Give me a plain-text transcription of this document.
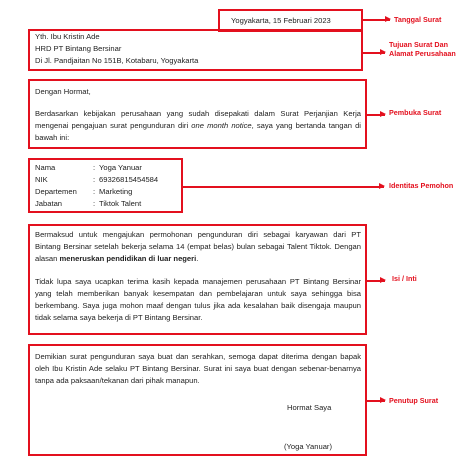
Yogyakarta, 15 Februari 2023
Yth. Ibu Kristin Ade
HRD PT Bintang Bersinar
Di Jl. Pandjaitan No 151B, Kotabaru, Yogyakarta
Dengan Hormat,
Berdasarkan kebijakan perusahaan yang sudah disepakati dalam Surat Perjanjian Kerja
mengenai pengajuan surat pengunduran diri one month notice, saya yang bertanda tangan di
bawah ini:
Nama	: Yoga Yanuar
NIK	: 69326815454584
Departemen : Marketing
Jabatan	: Tiktok Talent
Bermaksud untuk mengajukan permohonan pengunduran diri sebagai karyawan dari PT
Bintang Bersinar setelah bekerja selama 14 (empat belas) bulan sebagai Talent Tiktok. Dengan
alasan meneruskan pendidikan di luar negeri.
Tidak lupa saya ucapkan terima kasih kepada manajemen perusahaan PT Bintang Bersinar
yang telah memberikan banyak kesempatan dan pembelajaran untuk saya sehingga bisa
berkembang. Saya juga mohon maaf dengan tulus jika ada kesalahan baik disengaja maupun
tidak selama saya bekerja di PT Bintang Bersinar.
Demikian surat pengunduran saya buat dan serahkan, semoga dapat diterima dengan bapak
oleh Ibu Kristin Ade selaku PT Bintang Bersinar. Surat ini saya buat dengan sebenar-benarnya
tanpa ada paksaan/tekanan dari pihak manapun.
Hormat Saya
(Yoga Yanuar)
Tanggal Surat
Tujuan Surat Dan
Alamat Perusahaan
Pembuka Surat
Identitas Pemohon
Isi / Inti
Penutup Surat
